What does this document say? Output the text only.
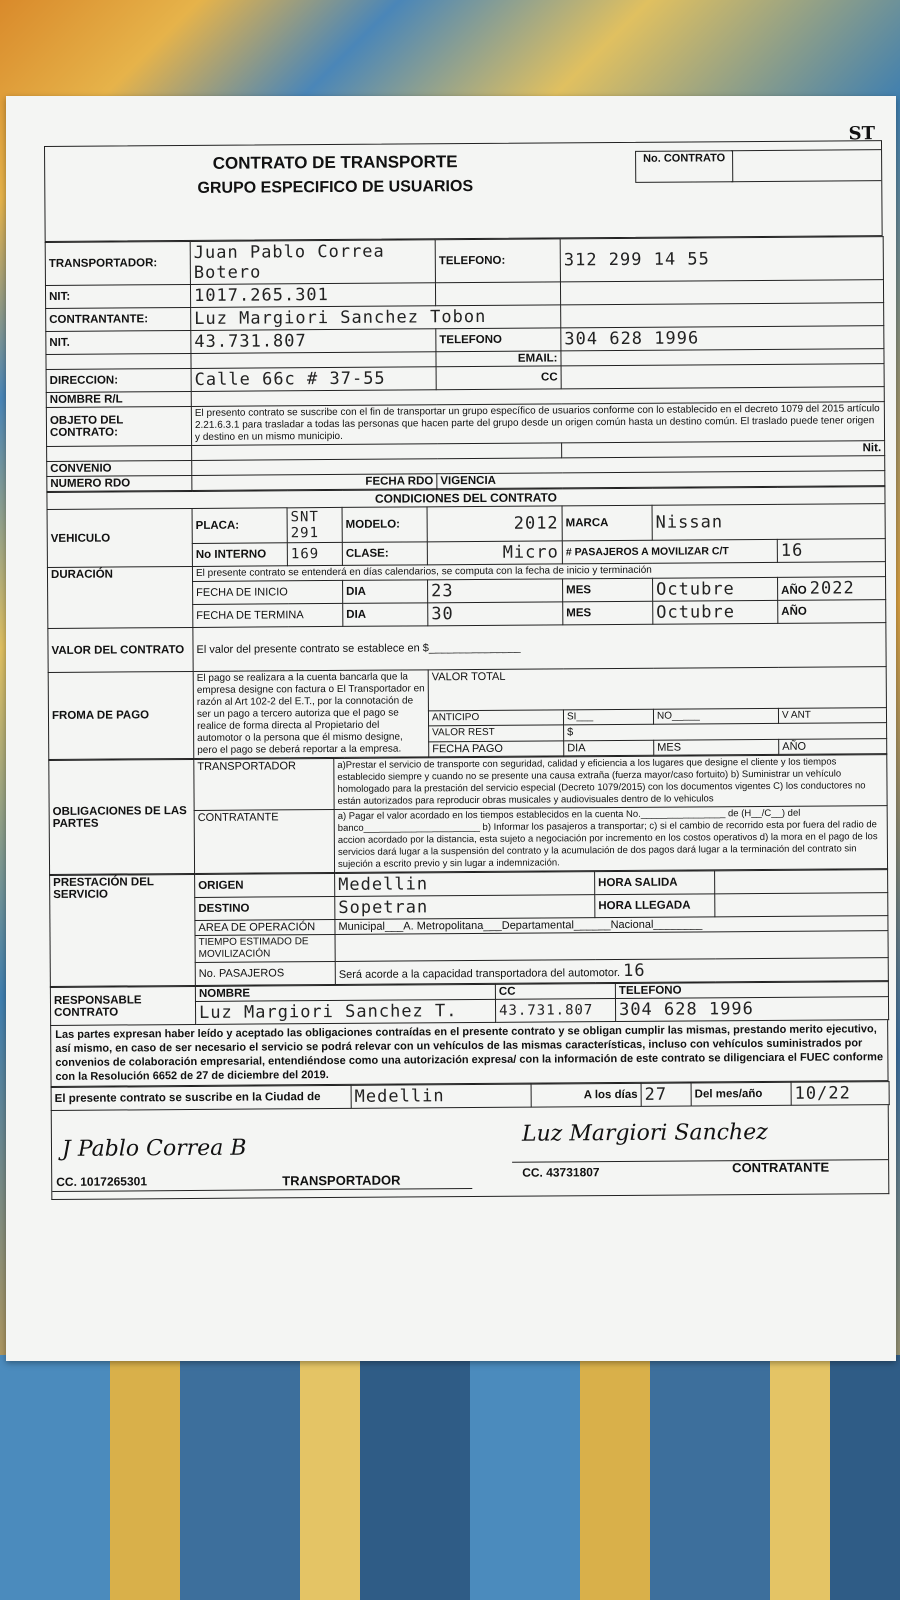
CONTRATO DE TRANSPORTE
GRUPO ESPECIFICO DE USUARIOS
No. CONTRATO
ST
TRANSPORTADOR:	Juan Pablo Correa Botero	TELEFONO:	312 299 14 55
NIT:	1017.265.301		
CONTRANTANTE:	Luz Margiori Sanchez Tobon		
NIT.	43.731.807	TELEFONO	304 628 1996
		EMAIL:	
DIRECCION:	Calle 66c # 37-55	CC	
NOMBRE R/L			
OBJETO DEL CONTRATO:	El presento contrato se suscribe con el fin de transportar un grupo específico de usuarios conforme con lo establecido en el decreto 1079 del 2015 artículo 2.21.6.3.1 para trasladar a todas las personas que hacen parte del grupo desde un origen común hasta un destino común. El traslado puede tener origen y destino en un mismo municipio.		
			Nit.
CONVENIO			
NUMERO RDO	FECHA RDO	VIGENCIA	
CONDICIONES DEL CONTRATO							
VEHICULO	PLACA:	SNT 291	MODELO:	2012	MARCA	Nissan	
	No INTERNO	169	CLASE:	Micro	# PASAJEROS A MOVILIZAR C/T		16
DURACIÓN	El presente contrato se entenderá en días calendarios, se computa con la fecha de inicio y terminación						
	FECHA DE INICIO		DIA	23	MES	Octubre	AÑO 2022
	FECHA DE TERMINA		DIA	30	MES	Octubre	AÑO
VALOR DEL CONTRATO	El valor del presente contrato se establece en $_______________						
FROMA DE PAGO	El pago se realizara a la cuenta bancarla que la empresa designe con factura o El Transportador en razón al Art 102-2 del E.T., por la connotación de ser un pago a tercero autoriza que el pago se realice de forma directa al Propietario del automotor o la persona que él mismo designe, pero el pago se deberá reportar a la empresa.			VALOR TOTAL			
				ANTICIPO	SI___	NO_____	V ANT
				VALOR REST	$		
				FECHA PAGO	DIA	MES	AÑO
OBLIGACIONES DE LAS PARTES	TRANSPORTADOR	a)Prestar el servicio de transporte con seguridad, calidad y eficiencia a los lugares que designe el cliente y los tiempos establecido siempre y cuando no se presente una causa extraña (fuerza mayor/caso fortuito) b) Suministrar un vehículo homologado para la prestación del servicio especial (Decreto 1079/2015) con los documentos vigentes C) los conductores no están autorizados para reproducir obras musicales y audiovisuales dentro de lo vehiculos
	CONTRATANTE	a) Pagar el valor acordado en los tiempos establecidos en la cuenta No.________________ de (H__/C__) del banco______________________ b) Informar los pasajeros a transportar; c) si el cambio de recorrido esta por fuera del radio de accion acordado por la distancia, esta sujeto a negociación por incremento en los costos operativos d) la mora en el pago de los servicios dará lugar a la suspensión del contrato y la acumulación de dos pagos dará lugar a la terminación del contrato sin sujeción a escrito previo y sin lugar a indemnización.
PRESTACIÓN DEL SERVICIO	ORIGEN	Medellin	HORA SALIDA	
	DESTINO	Sopetran	HORA LLEGADA	
	AREA DE OPERACIÓN	Municipal___A. Metropolitana___Departamental______Nacional________		
	TIEMPO ESTIMADO DE MOVILIZACIÓN			
	No. PASAJEROS	Será acorde a la capacidad transportadora del automotor. 16		
RESPONSABLE CONTRATO	NOMBRE	CC	TELEFONO
	Luz Margiori Sanchez T.	43.731.807	304 628 1996
Las partes expresan haber leído y aceptado las obligaciones contraídas en el presente contrato y se obligan cumplir las mismas, prestando merito ejecutivo, así mismo, en caso de ser necesario el servicio se podrá relevar con un vehículos de las mismas características, incluso con vehículos suministrados por convenios de colaboración empresarial, entendiéndose como una autorización expresa/ con la información de este contrato se diligenciara el FUEC conforme con la Resolución 6652 de 27 de diciembre del 2019.
El presente contrato se suscribe en la Ciudad de	Medellin	A los días	27	Del mes/año	10/22
J Pablo Correa B
Luz Margiori Sanchez
CC. 1017265301	TRANSPORTADOR
CC. 43731807	CONTRATANTE
